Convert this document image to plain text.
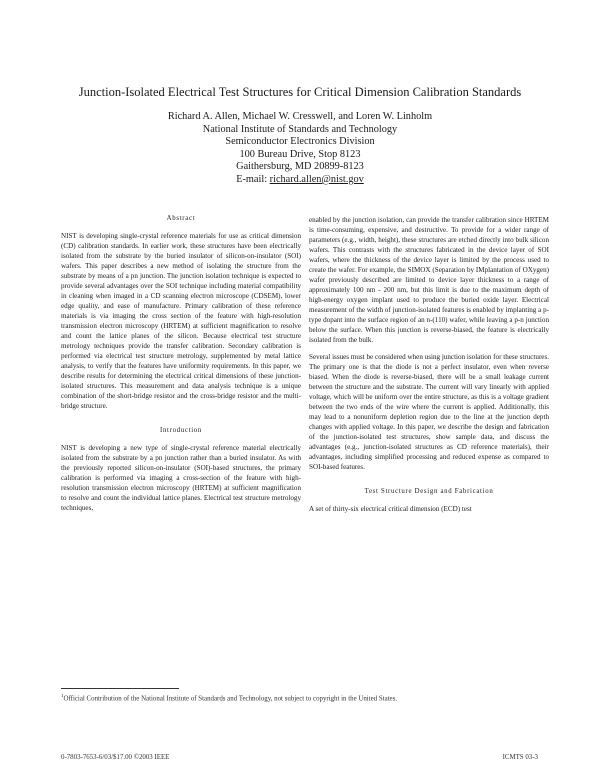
Junction-Isolated Electrical Test Structures for Critical Dimension Calibration Standards
Richard A. Allen, Michael W. Cresswell, and Loren W. Linholm
National Institute of Standards and Technology
Semiconductor Electronics Division
100 Bureau Drive, Stop 8123
Gaithersburg, MD 20899-8123
E-mail: richard.allen@nist.gov
Abstract

NIST is developing single-crystal reference materials for use as critical dimension (CD) calibration standards. In earlier work, these structures have been electrically isolated from the substrate by the buried insulator of silicon-on-insulator (SOI) wafers. This paper describes a new method of isolating the structure from the substrate by means of a pn junction. The junction isolation technique is expected to provide several advantages over the SOI technique including material compatibility in cleaning when imaged in a CD scanning electron microscope (CDSEM), lower edge quality, and ease of manufacture. Primary calibration of these reference materials is via imaging the cross section of the feature with high-resolution transmission electron microscopy (HRTEM) at sufficient magnification to resolve and count the lattice planes of the silicon. Because electrical test structure metrology techniques provide the transfer calibration. Secondary calibration is performed via electrical test structure metrology, supplemented by metal lattice analysis, to verify that the features have uniformity requirements. In this paper, we describe results for determining the electrical critical dimensions of these junction-isolated structures. This measurement and data analysis technique is a unique combination of the short-bridge resistor and the cross-bridge resistor and the multi-bridge structure.

Introduction

NIST is developing a new type of single-crystal reference material electrically isolated from the substrate by a pn junction rather than a buried insulator. As with the previously reported silicon-on-insulator (SOI)-based structures, the primary calibration is performed via imaging a cross-section of the feature with high-resolution transmission electron microscopy (HRTEM) at sufficient magnification to resolve and count the individual lattice planes. Electrical test structure metrology techniques,

enabled by the junction isolation, can provide the transfer calibration since HRTEM is time-consuming, expensive, and destructive. To provide for a wider range of parameters (e.g., width, height), these structures are etched directly into bulk silicon wafers. This contrasts with the structures fabricated in the device layer of SOI wafers, where the thickness of the device layer is limited by the process used to create the wafer. For example, the SIMOX (Separation by IMplantation of OXygen) wafer previously described are limited to device layer thickness to a range of approximately 100 nm - 200 nm, but this limit is due to the maximum depth of high-energy oxygen implant used to produce the buried oxide layer. Electrical measurement of the width of junction-isolated features is enabled by implanting a p-type dopant into the surface region of an n-(110) wafer, while leaving a p-n junction below the surface. When this junction is reverse-biased, the feature is electrically isolated from the bulk.

Several issues must be considered when using junction isolation for these structures. The primary one is that the diode is not a perfect insulator, even when reverse biased. When the diode is reverse-biased, there will be a small leakage current between the structure and the substrate. The current will vary linearly with applied voltage, which will be uniform over the entire structure, as this is a voltage gradient between the two ends of the wire where the current is applied. Additionally, this may lead to a nonuniform depletion region due to the line at the junction depth changes with applied voltage. In this paper, we describe the design and fabrication of the junction-isolated test structures, show sample data, and discuss the advantages (e.g., junction-isolated structures as CD reference materials), their advantages, including simplified processing and reduced expense as compared to SOI-based features.

Test Structure Design and Fabrication

A set of thirty-six electrical critical dimension (ECD) test

$^1$Official Contribution of the National Institute of Standards and Technology, not subject to copyright in the United States.
0-7803-7653-6/03/$17.00 ©2003 IEEE	ICMTS 03-3
